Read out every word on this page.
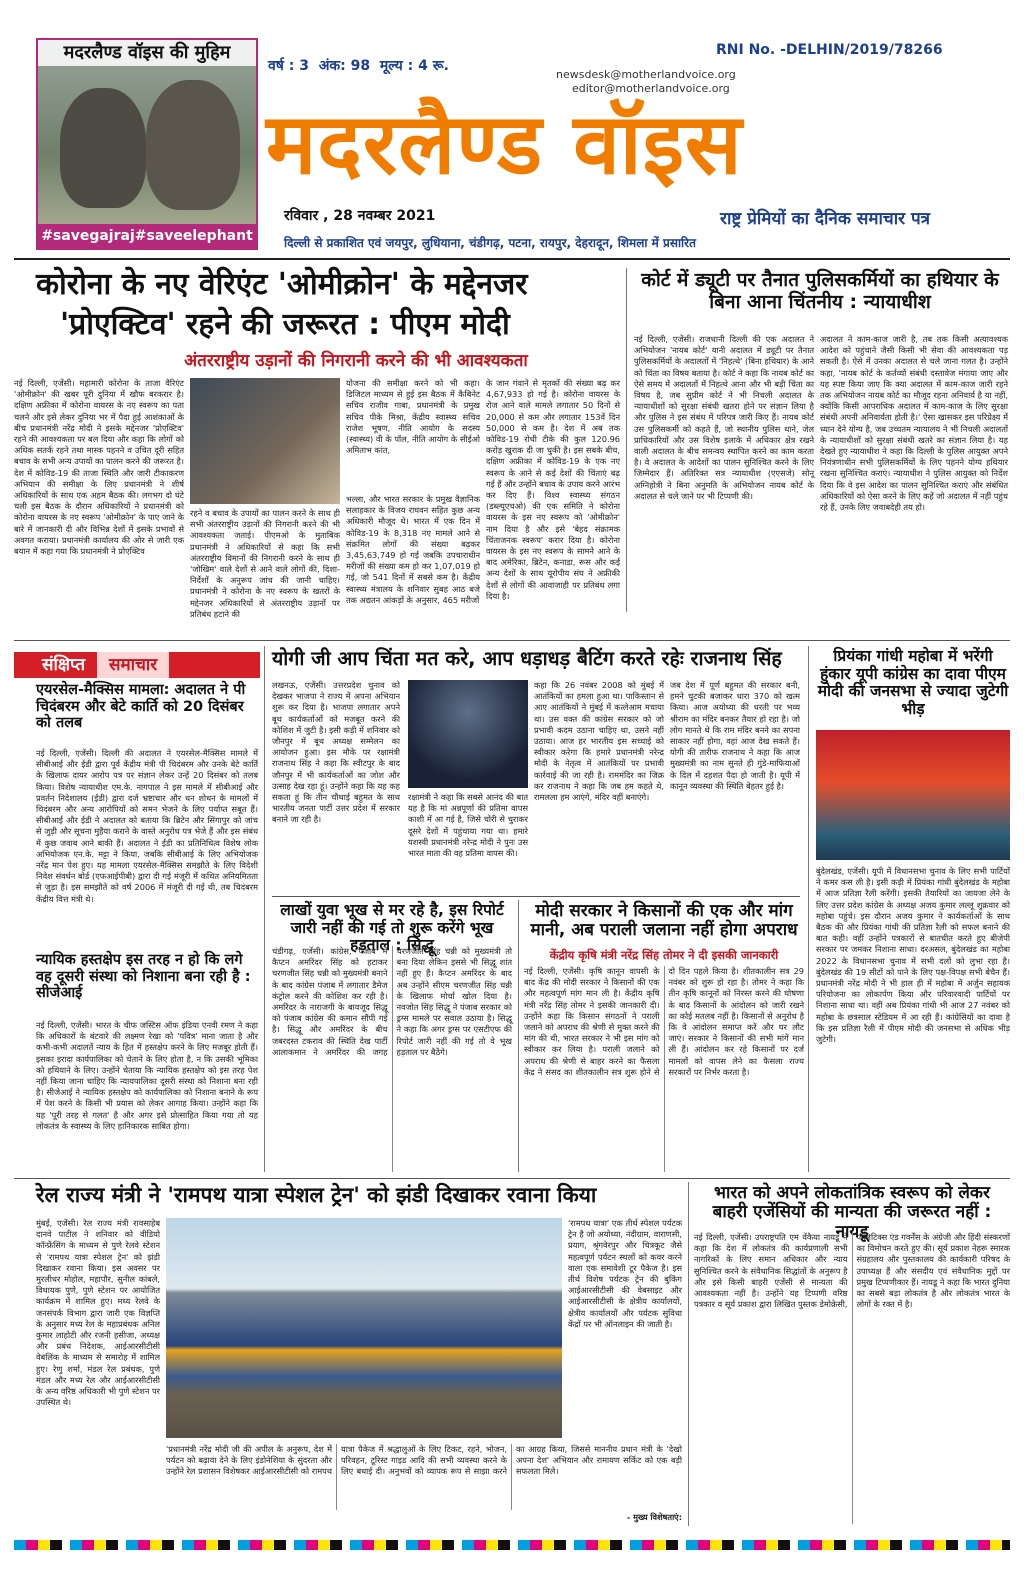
मदरलैण्ड वॉइस की मुहिम
#savegajraj#saveelephant
वर्ष : 3 अंक: 98 मूल्य : 4 रू.
RNI No. -DELHIN/2019/78266
newsdesk@motherlandvoice.org
editor@motherlandvoice.org
मदरलैण्ड वॉइस
रविवार , 28 नवम्बर 2021	राष्ट्र प्रेमियों का दैनिक समाचार पत्र
दिल्ली से प्रकाशित एवं जयपुर, लुधियाना, चंडीगढ़, पटना, रायपुर, देहरादून, शिमला में प्रसारित
कोरोना के नए वेरिएंट 'ओमीक्रोन' के मद्देनजर
'प्रोएक्टिव' रहने की जरूरत : पीएम मोदी
अंतरराष्ट्रीय उड़ानों की निगरानी करने की भी आवश्यकता
नई दिल्ली, एजेंसी। महामारी कोरोना के ताजा वैरिएंट 'ओमीक्रोन' की खबर पूरी दुनिया में खौफ बरकरार है। दक्षिण अफ्रीका में कोरोना वायरस के नए स्वरूप का पता चलने और इसे लेकर दुनिया भर में पैदा हुई आशंकाओं के बीच प्रधानमंत्री नरेंद्र मोदी ने इसके मद्देनजर 'प्रोएक्टिव' रहने की आवश्यकता पर बल दिया और कहा कि लोगों को अधिक सतर्क रहने तथा मास्क पहनने व उचित दूरी सहित बचाव के सभी अन्य उपायों का पालन करने की जरूरत है। देश में कोविड-19 की ताजा स्थिति और जारी टीकाकरण अभियान की समीक्षा के लिए प्रधानमंत्री ने शीर्ष अधिकारियों के साथ एक अहम बैठक की। लगभग दो घंटे चली इस बैठक के दौरान अधिकारियों ने प्रधानमंत्री को कोरोना वायरस के नए स्वरूप 'ओमीक्रोन' के पाए जाने के बारे में जानकारी दी और विभिन्न देशों में इसके प्रभावों से अवगत कराया। प्रधानमंत्री कार्यालय की ओर से जारी एक बयान में कहा गया कि प्रधानमंत्री ने प्रोएक्टिव
रहने व बचाव के उपायों का पालन करने के साथ ही सभी अंतरराष्ट्रीय उड़ानों की निगरानी करने की भी आवश्यकता जताई। पीएमओ के मुताबिक प्रधानमंत्री ने अधिकारियों से कहा कि सभी अंतरराष्ट्रीय विमानों की निगरानी करने के साथ ही 'जोखिम' वाले देशों से आने वाले लोगों की, दिशा-निर्देशों के अनुरूप जांच की जानी चाहिए। प्रधानमंत्री ने कोरोना के नए स्वरूप के खतरों के मद्देनजर अधिकारियों से अंतरराष्ट्रीय उड़ानों पर प्रतिबंध हटाने की
योजना की समीक्षा करने को भी कहा। डिजिटल माध्यम से हुई इस बैठक में कैबिनेट सचिव राजीव गाबा, प्रधानमंत्री के प्रमुख सचिव पीके मिश्रा, केंद्रीय स्वास्थ्य सचिव राजेश भूषण, नीति आयोग के सदस्य (स्वास्थ्य) वी के पॉल, नीति आयोग के सीईओ अमिताभ कांत,
भल्ला, और भारत सरकार के प्रमुख वैज्ञानिक सलाहकार के विजय राघवन सहित कुछ अन्य अधिकारी मौजूद थे। भारत में एक दिन में कोविड-19 के 8,318 नए मामले आने से संक्रमित लोगों की संख्या बढ़कर 3,45,63,749 हो गई जबकि उपचाराधीन मरीजों की संख्या कम हो कर 1,07,019 हो गई, जो 541 दिनों में सबसे कम है। केंद्रीय स्वास्थ्य मंत्रालय के शनिवार सुबह आठ बजे तक अद्यतन आंकड़ों के अनुसार, 465 मरीजों
के जान गंवाने से मृतकों की संख्या बढ़ कर 4,67,933 हो गई है। कोरोना वायरस के रोज आने वाले मामले लगातार 50 दिनों से 20,000 से कम और लगातार 153वें दिन 50,000 से कम है। देश में अब तक कोविड-19 रोधी टीके की कुल 120.96 करोड़ खुराक दी जा चुकी है। इस सबके बीच, दक्षिण अफ्रीका में कोविड-19 के एक नए स्वरूप के आने से कई देशों की चिंताएं बढ़ गई हैं और उन्होंने बचाव के उपाय करने आरंभ कर दिए हैं। विश्व स्वास्थ्य संगठन (डब्ल्यूएचओ) की एक समिति ने कोरोना वायरस के इस नए स्वरूप को 'ओमीक्रोन' नाम दिया है और इसे 'बेहद संक्रामक चिंताजनक स्वरूप' करार दिया है। कोरोना वायरस के इस नए स्वरूप के सामने आने के बाद अमेरिका, ब्रिटेन, कनाडा, रूस और कई अन्य देशों के साथ यूरोपीय संघ ने अफ्रीकी देशों से लोगों की आवाजाही पर प्रतिबंध लगा दिया है।
कोर्ट में ड्यूटी पर तैनात पुलिसकर्मियों का हथियार के बिना आना चिंतनीय : न्यायाधीश
नई दिल्ली, एजेंसी। राजधानी दिल्ली की एक अदालत ने अभियोजन 'नायब कोर्ट' यानी अदालत में ड्यूटी पर तैनात पुलिसकर्मियों के अदालतों में 'निहत्थे' (बिना हथियार) के आने को चिंता का विषय बताया है। कोर्ट ने कहा कि नायब कोर्ट का ऐसे समय में अदालतों में निहत्थे आना और भी बड़ी चिंता का विषय है, जब सुप्रीम कोर्ट ने भी निचली अदालत के न्यायाधीशों को सुरक्षा संबंधी खतरा होने पर संज्ञान लिया है और पुलिस ने इस संबंध में परिपत्र जारी किए हैं। नायब कोर्ट उस पुलिसकर्मी को कहते हैं, जो स्थानीय पुलिस थाने, जेल प्राधिकारियों और उस विशेष इलाके में अधिकार क्षेत्र रखने वाली अदालत के बीच समन्वय स्थापित करने का काम करता है। वे अदालत के आदेशों का पालन सुनिश्चित करने के लिए जिम्मेदार हैं। अतिरिक्त सत्र न्यायाधीश (एएसजे) सोनू अग्निहोत्री ने बिना अनुमति के अभियोजन नायब कोर्ट के अदालत से चले जाने पर भी टिप्पणी की।
अदालत ने काम-काज जारी है, तब तक किसी अत्यावश्यक आदेश को पहुंचाने जैसी किसी भी सेवा की आवश्यकता पड़ सकती है। ऐसे में उनका अदालत से चले जाना गलत है। उन्होंने कहा, 'नायब कोर्ट के कर्तव्यों संबंधी दस्तावेज मंगाया जाए और यह स्पष्ट किया जाए कि क्या अदालत में काम-काज जारी रहने तक अभियोजन नायब कोर्ट का मौजूद रहना अनिवार्य है या नहीं, क्योंकि किसी आपराधिक अदालत में काम-काज के लिए सुरक्षा संबंधी अपनी अनिवार्यता होती है।' ऐसा खासकर इस परिप्रेक्ष्य में ध्यान देने योग्य है, जब उच्चतम न्यायालय ने भी निचली अदालतों के न्यायाधीशों को सुरक्षा संबंधी खतरे का संज्ञान लिया है। यह देखते हुए न्यायाधीश ने कहा कि दिल्ली के पुलिस आयुक्त अपने नियंत्रणाधीन सभी पुलिसकर्मियों के लिए पहनने योग्य हथियार रखना सुनिश्चित कराएं। न्यायाधीश ने पुलिस आयुक्त को निर्देश दिया कि वे इस आदेश का पालन सुनिश्चित कराएं और संबंधित अधिकारियों को ऐसा करने के लिए कहें जो अदालत में नहीं पहुंच रहे हैं, उनके लिए जवाबदेही तय हो।
संक्षिप्त समाचार
एयरसेल-मैक्सिस मामला: अदालत ने पी चिदंबरम और बेटे कार्ति को 20 दिसंबर को तलब
नई दिल्ली, एजेंसी। दिल्ली की अदालत ने एयरसेल-मैक्सिस मामले में सीबीआई और ईडी द्वारा पूर्व केंद्रीय मंत्री पी चिदंबरम और उनके बेटे कार्ति के खिलाफ दायर आरोप पत्र पर संज्ञान लेकर उन्हें 20 दिसंबर को तलब किया। विशेष न्यायाधीश एम.के. नागपाल ने इस मामले में सीबीआई और प्रवर्तन निदेशालय (ईडी) द्वारा दर्ज भ्रष्टाचार और धन शोधन के मामलों में चिदंबरम और अन्य आरोपियों को समन भेजने के लिए पर्याप्त सबूत हैं। सीबीआई और ईडी ने अदालत को बताया कि ब्रिटेन और सिंगापुर को जांच से जुड़ी और सूचना मुहैया कराने के वास्ते अनुरोध पत्र भेजे हैं और इस संबंध में कुछ जवाब आने बाकी हैं। अदालत ने ईडी का प्रतिनिधित्व विशेष लोक अभियोजक एन.के. मट्टा ने किया, जबकि सीबीआई के लिए अभियोजक नरेंद्र मान पेश हुए। यह मामला एयरसेल-मैक्सिस समझौते के लिए विदेशी निवेश संवर्धन बोर्ड (एफआईपीबी) द्वारा दी गई मंजूरी में कथित अनियमितता से जुड़ा है। इस समझौते को वर्ष 2006 में मंजूरी दी गई थी, तब चिदंबरम केंद्रीय वित्त मंत्री थे।
न्यायिक हस्तक्षेप इस तरह न हो कि लगे वह दूसरी संस्था को निशाना बना रही है : सीजेआई
नई दिल्ली, एजेंसी। भारत के चीफ जस्टिस ऑफ इंडिया एनवी रमण ने कहा कि अधिकारों के बंटवारे की लक्ष्मण रेखा को 'पवित्र' माना जाता है और कभी-कभी अदालतें न्याय के हित में हस्तक्षेप करने के लिए मजबूर होती हैं। इसका इरादा कार्यपालिका को चेताने के लिए होता है, न कि उसकी भूमिका को हथियाने के लिए। उन्होंने चेताया कि न्यायिक हस्तक्षेप को इस तरह पेश नहीं किया जाना चाहिए कि न्यायपालिका दूसरी संस्था को निशाना बना रही है। सीजेआई ने न्यायिक हस्तक्षेप को कार्यपालिका को निशाना बनाने के रूप में पेश करने के किसी भी प्रयास को लेकर आगाह किया। उन्होंने कहा कि यह 'पूरी तरह से गलत' है और अगर इसे प्रोत्साहित किया गया तो यह लोकतंत्र के स्वास्थ्य के लिए हानिकारक साबित होगा।
योगी जी आप चिंता मत करे, आप धड़ाधड़ बैटिंग करते रहेः राजनाथ सिंह
लखनऊ, एजेंसी। उत्तरप्रदेश चुनाव को देखकर भाजपा ने राज्य में अपना अभियान शुरू कर दिया है। भाजपा लगातार अपने बूथ कार्यकर्ताओं को मजबूत करने की कोशिश में जुटी है। इसी कड़ी में शनिवार को जौनपुर में बूथ अध्यक्ष सम्मेलन का आयोजन हुआ। इस मौके पर रक्षामंत्री राजनाथ सिंह ने कहा कि स्वीटपुर के बाद जौनपुर में भी कार्यकर्ताओं का जोश और उत्साह देख रहा हूं। उन्होंने कहा कि यह कह सकता हूं कि तीन चौथाई बहुमत के साथ भारतीय जनता पार्टी उत्तर प्रदेश में सरकार बनाने जा रही है।
रक्षामंत्री ने कहा कि सबसे आनंद की बात यह है कि मां अन्नपूर्णा की प्रतिमा वापस काशी में आ गई है, जिसे चोरी से चुराकर दूसरे देशों में पहुंचाया गया था। हमारे यशस्वी प्रधानमंत्री नरेन्द्र मोदी ने पुनः उस भारत माता की वह प्रतिमा वापस की।
कहा कि 26 नवंबर 2008 को मुंबई में आतंकियों का हमला हुआ था। पाकिस्तान से आए आतंकियों ने मुंबई में कत्लेआम मचाया था। उस वक्त की कांग्रेस सरकार को जो प्रभावी कदम उठाना चाहिए था, उसने नहीं उठाया। आज हर भारतीय इस सच्चाई को स्वीकार करेगा कि हमारे प्रधानमंत्री नरेन्द्र मोदी के नेतृत्व में आतंकियों पर प्रभावी कार्रवाई की जा रही है। राममंदिर का जिक्र कर राजनाथ ने कहा कि जब हम कहते थे, रामलला हम आएंगे, मंदिर वहीं बनाएंगे।
जब देश में पूर्ण बहुमत की सरकार बनी, हमने चुटकी बजाकर धारा 370 को खत्म किया। आज अयोध्या की धरती पर भव्य श्रीराम का मंदिर बनकर तैयार हो रहा है। जो लोग मानते थे कि राम मंदिर बनने का सपना साकार नहीं होगा, वहां आज देख सकते हैं। योगी की तारीफ राजनाथ ने कहा कि आज मुख्यमंत्री का नाम सुनते ही गुंडे-माफियाओं के दिल में दहशत पैदा हो जाती है। यूपी में कानून व्यवस्था की स्थिति बेहतर हुई है।
प्रियंका गांधी महोबा में भरेंगी हुंकार यूपी कांग्रेस का दावा पीएम मोदी की जनसभा से ज्यादा जुटेगी भीड़
बुंदेलखंड, एजेंसी। यूपी में विधानसभा चुनाव के लिए सभी पार्टियों ने कमर कस ली है। इसी कड़ी में प्रियंका गांधी बुंदेलखंड के महोबा में आज प्रतिज्ञा रैली करेंगी। इसकी तैयारियों का जायजा लेने के लिए उत्तर प्रदेश कांग्रेस के अध्यक्ष अजय कुमार लल्लू शुक्रवार को महोबा पहुंचे। इस दौरान अजय कुमार ने कार्यकर्ताओं के साथ बैठक की और प्रियंका गांधी की प्रतिज्ञा रैली को सफल बनाने की बात कही। वहीं उन्होंने पत्रकारों से बातचीत करते हुए बीजेपी सरकार पर जमकर निशाना साधा। दरअसल, बुंदेलखंड का महोबा 2022 के विधानसभा चुनाव में सभी दलों को लुभा रहा है। बुंदेलखंड की 19 सीटों को पाने के लिए पक्ष-विपक्ष सभी बेचैन हैं। प्रधानमंत्री नरेंद्र मोदी ने भी हाल ही में महोबा में अर्जुन सहायक परियोजना का लोकार्पण किया और परिवारवादी पार्टियों पर निशाना साधा था। वहीं अब प्रियंका गांधी भी आज 27 नवंबर को महोबा के छत्रसाल स्टेडियम में आ रही हैं। कांग्रेसियों का दावा है कि इस प्रतिज्ञा रैली में पीएम मोदी की जनसभा से अधिक भीड़ जुटेगी।
लाखों युवा भूख से मर रहे है, इस रिपोर्ट जारी नहीं की गई तो शुरू करेंगे भूख हड़ताल : सिद्धू
चंडीगढ़, एजेंसी। कांग्रेस, पंजाब में कैप्टन अमरिंदर सिंह को हटाकर चरणजीत सिंह चन्नी को मुख्यमंत्री बनाने के बाद कांग्रेस पंजाब में लगातार डैमेज कंट्रोल करने की कोशिश कर रही है। अमरिंदर के नाराजगी के बावजूद सिद्धू को पंजाब कांग्रेस की कमान सौंपी गई है। सिद्धू और अमरिंदर के बीच जबरदस्त टकराव की स्थिति देख पार्टी आलाकमान ने अमरिंदर की जगह चरणजीत सिंह चन्नी को मुख्यमंत्री तो बना दिया लेकिन इससे भी सिद्धू शांत नहीं हुए हैं। कैप्टन अमरिंदर के बाद अब उन्होंने सीएम चरणजीत सिंह चन्नी के खिलाफ मोर्चा खोल दिया है। नवजोत सिंह सिद्धू ने पंजाब सरकार को ड्रग्स मामले पर सवाल उठाया है। सिद्धू ने कहा कि अगर ड्रग्स पर एसटीएफ की रिपोर्ट जारी नहीं की गई तो वे भूख हड़ताल पर बैठेंगे।
मोदी सरकार ने किसानों की एक और मांग मानी, अब पराली जलाना नहीं होगा अपराध
केंद्रीय कृषि मंत्री नरेंद्र सिंह तोमर ने दी इसकी जानकारी
नई दिल्ली, एजेंसी। कृषि कानून वापसी के बाद केंद्र की मोदी सरकार ने किसानों की एक और महत्वपूर्ण मांग मान ली है। केंद्रीय कृषि मंत्री नरेंद्र सिंह तोमर ने इसकी जानकारी दी। उन्होंने कहा कि किसान संगठनों ने पराली जलाने को अपराध की श्रेणी से मुक्त करने की मांग की थी, भारत सरकार ने भी इस मांग को स्वीकार कर लिया है। पराली जलाने को अपराध की श्रेणी से बाहर करने का फैसला केंद्र ने संसद का शीतकालीन सत्र शुरू होने से दो दिन पहले किया है। शीतकालीन सत्र 29 नवंबर को शुरू हो रहा है। तोमर ने कहा कि तीन कृषि कानूनों को निरस्त करने की घोषणा के बाद किसानों के आंदोलन को जारी रखने का कोई मतलब नहीं है। किसानों से अनुरोध है कि वे आंदोलन समाप्त करें और घर लौट जाएं। सरकार ने किसानों की सभी मांगें मान ली हैं। आंदोलन कर रहे किसानों पर दर्ज मामलों को वापस लेने का फैसला राज्य सरकारों पर निर्भर करता है।
रेल राज्य मंत्री ने 'रामपथ यात्रा स्पेशल ट्रेन' को झंडी दिखाकर रवाना किया
मुंबई, एजेंसी। रेल राज्य मंत्री रावसाहेब दानवे पाटील ने शनिवार को वीडियो कॉन्फ्रेंसिंग के माध्यम से पुणे रेलवे स्टेशन से 'रामपथ यात्रा स्पेशल ट्रेन' को झंडी दिखाकर रवाना किया। इस अवसर पर मुरलीधर मोहोल, महापौर, सुनील कांबले, विधायक पुणे, पुणे स्टेशन पर आयोजित कार्यक्रम में शामिल हुए। मध्य रेलवे के जनसंपर्क विभाग द्वारा जारी एक विज्ञप्ति के अनुसार मध्य रेल के महाप्रबंधक अनिल कुमार लाहोटी और रजनी हसीजा, अध्यक्ष और प्रबंध निदेशक, आईआरसीटीसी वेबलिंक के माध्यम से समारोह में शामिल हुए। रेणु शर्मा, मंडल रेल प्रबंधक, पुणे मंडल और मध्य रेल और आईआरसीटीसी के अन्य वरिष्ठ अधिकारी भी पुणे स्टेशन पर उपस्थित थे।
'रामपथ यात्रा' एक तीर्थ स्पेशल पर्यटक ट्रेन है जो अयोध्या, नंदीग्राम, वाराणसी, प्रयाग, श्रृंगवेरपुर और चित्रकूट जैसे महत्वपूर्ण पर्यटन स्थलों को कवर करने वाला एक समावेशी टूर पैकेज है। इस तीर्थ विशेष पर्यटक ट्रेन की बुकिंग आईआरसीटीसी की वेबसाइट और आईआरसीटीसी के क्षेत्रीय कार्यालयों, क्षेत्रीय कार्यालयों और पर्यटक सुविधा केंद्रों पर भी ऑनलाइन की जाती है।
'प्रधानमंत्री नरेंद्र मोदी जी की अपील के अनुरूप, देश में पर्यटन को बढ़ावा देने के लिए इंडोनेशिया के सुंदरता और उन्होंने रेल प्रशासन विशेषकर आईआरसीटीसी को रामपथ यात्रा पैकेज में श्रद्धालुओं के लिए टिकट, रहने, भोजन, परिवहन, टूरिस्ट गाइड आदि की सभी व्यवस्था करने के लिए बधाई दी। अनुभवों को व्यापक रूप से साझा करने का आग्रह किया, जिससे माननीय प्रधान मंत्री के 'देखो अपना देश' अभियान और रामायण सर्किट को एक बड़ी सफलता मिले।
- मुख्य विशेषताएं:
भारत को अपने लोकतांत्रिक स्वरूप को लेकर बाहरी एजेंसियों की मान्यता की जरूरत नहीं : नायडू
नई दिल्ली, एजेंसी। उपराष्ट्रपति एम वेंकैया नायडू ने कहा कि देश में लोकतंत्र की कार्यप्रणाली सभी नागरिकों के लिए समान अधिकार और न्याय सुनिश्चित करने के संवैधानिक सिद्धांतों के अनुरूप है और इसे किसी बाहरी एजेंसी से मान्यता की आवश्यकता नहीं है। उन्होंने यह टिप्पणी वरिष्ठ पत्रकार व सूर्य प्रकाश द्वारा लिखित पुस्तक डेमोक्रेसी, पॉलिटिक्स एंड गवर्नेंस के अंग्रेजी और हिंदी संस्करणों का विमोचन करते हुए की। सूर्य प्रकाश नेहरू स्मारक संग्रहालय और पुस्तकालय की कार्यकारी परिषद के उपाध्यक्ष हैं और संसदीय एवं संवैधानिक मुद्दों पर प्रमुख टिप्पणीकार हैं। नायडू ने कहा कि भारत दुनिया का सबसे बड़ा लोकतंत्र है और लोकतंत्र भारत के लोगों के रक्त में है।
